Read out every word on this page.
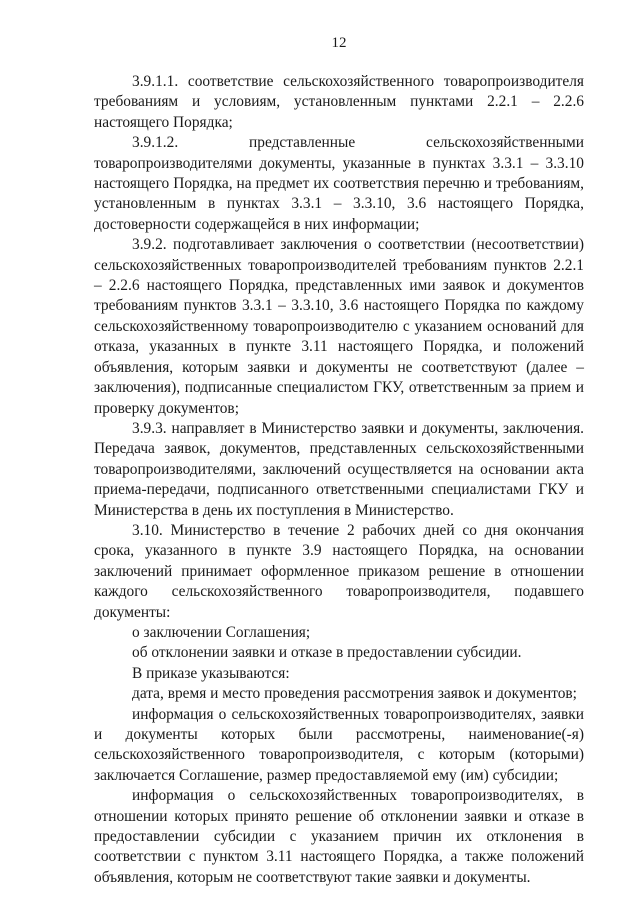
12

3.9.1.1. соответствие сельскохозяйственного товаропроизводителя требованиям и условиям, установленным пунктами 2.2.1 – 2.2.6 настоящего Порядка;

3.9.1.2. представленные сельскохозяйственными товаропроизводителями документы, указанные в пунктах 3.3.1 – 3.3.10 настоящего Порядка, на предмет их соответствия перечню и требованиям, установленным в пунктах 3.3.1 – 3.3.10, 3.6 настоящего Порядка, достоверности содержащейся в них информации;

3.9.2. подготавливает заключения о соответствии (несоответствии) сельскохозяйственных товаропроизводителей требованиям пунктов 2.2.1 – 2.2.6 настоящего Порядка, представленных ими заявок и документов требованиям пунктов 3.3.1 – 3.3.10, 3.6 настоящего Порядка по каждому сельскохозяйственному товаропроизводителю с указанием оснований для отказа, указанных в пункте 3.11 настоящего Порядка, и положений объявления, которым заявки и документы не соответствуют (далее – заключения), подписанные специалистом ГКУ, ответственным за прием и проверку документов;

3.9.3. направляет в Министерство заявки и документы, заключения. Передача заявок, документов, представленных сельскохозяйственными товаропроизводителями, заключений осуществляется на основании акта приема-передачи, подписанного ответственными специалистами ГКУ и Министерства в день их поступления в Министерство.

3.10. Министерство в течение 2 рабочих дней со дня окончания срока, указанного в пункте 3.9 настоящего Порядка, на основании заключений принимает оформленное приказом решение в отношении каждого сельскохозяйственного товаропроизводителя, подавшего документы:

о заключении Соглашения;

об отклонении заявки и отказе в предоставлении субсидии.

В приказе указываются:

дата, время и место проведения рассмотрения заявок и документов;

информация о сельскохозяйственных товаропроизводителях, заявки и документы которых были рассмотрены, наименование(-я) сельскохозяйственного товаропроизводителя, с которым (которыми) заключается Соглашение, размер предоставляемой ему (им) субсидии;

информация о сельскохозяйственных товаропроизводителях, в отношении которых принято решение об отклонении заявки и отказе в предоставлении субсидии с указанием причин их отклонения в соответствии с пунктом 3.11 настоящего Порядка, а также положений объявления, которым не соответствуют такие заявки и документы.
